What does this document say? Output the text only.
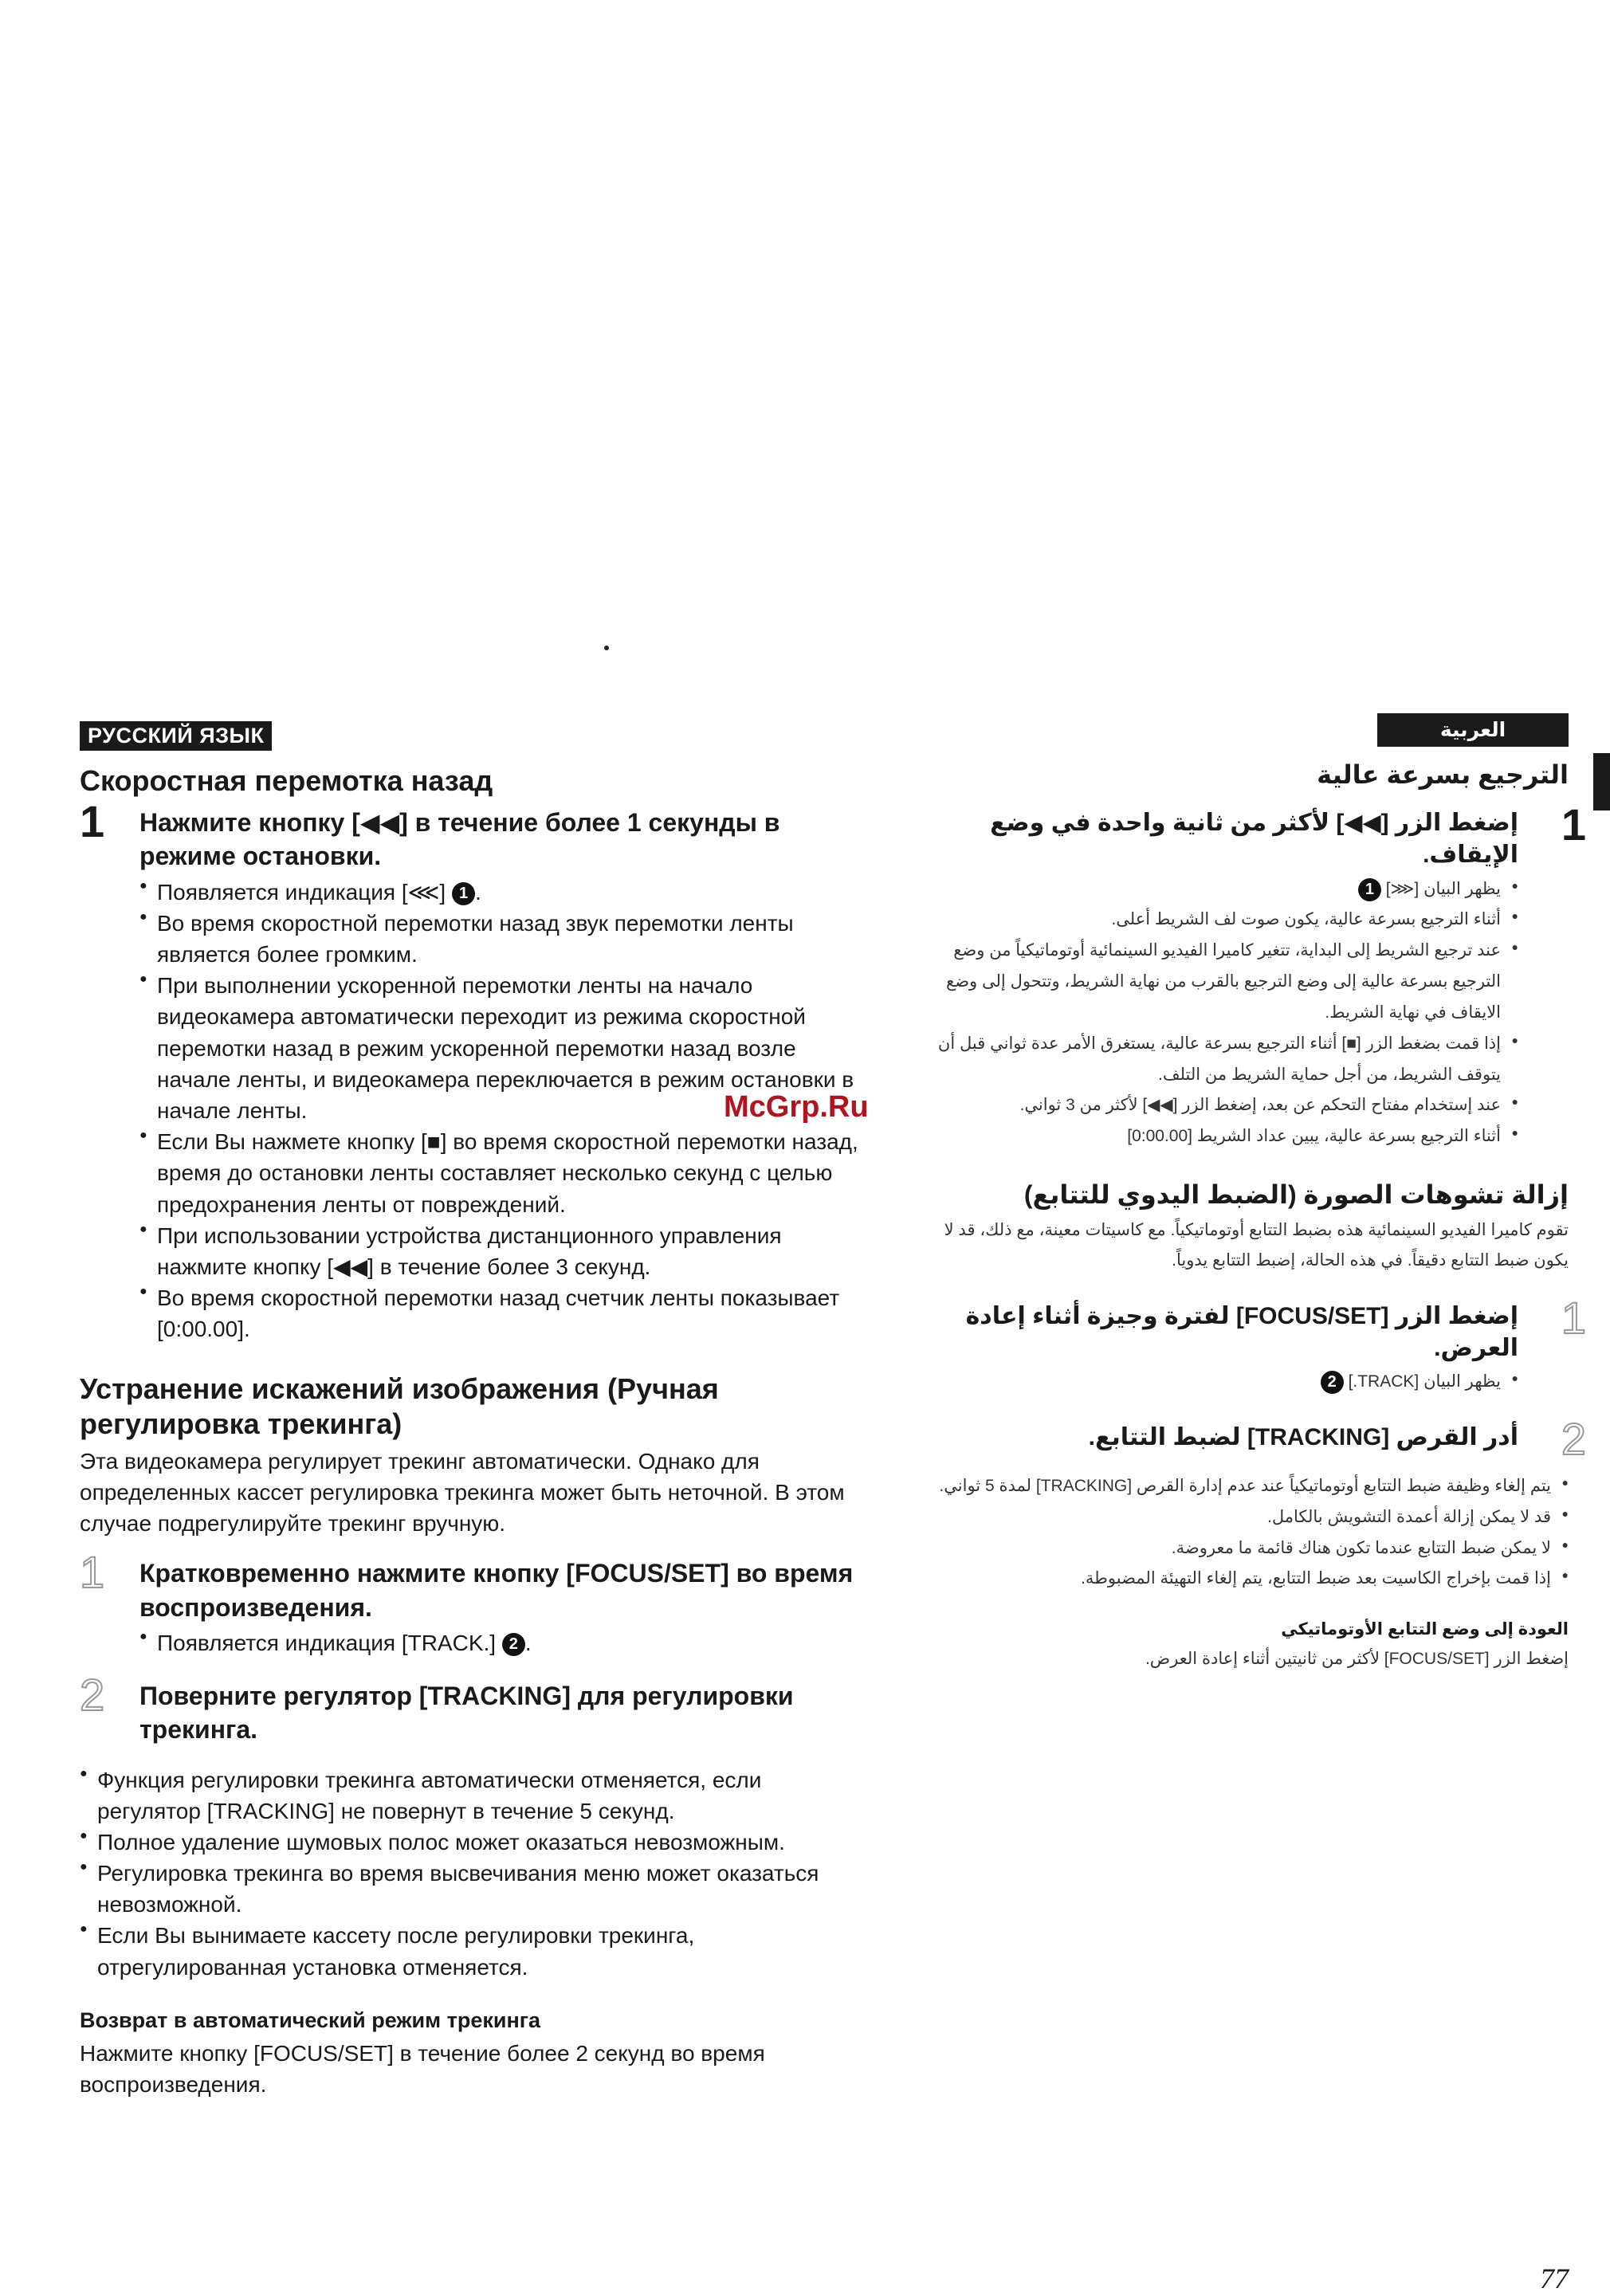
РУССКИЙ ЯЗЫК
Скоростная перемотка назад
1 Нажмите кнопку [◀◀] в течение более 1 секунды в режиме остановки.
● Появляется индикация [⋘] 1 .
● Во время скоростной перемотки назад звук перемотки ленты является более громким.
● При выполнении ускоренной перемотки ленты на начало видеокамера автоматически переходит из режима скоростной перемотки назад в режим ускоренной перемотки назад возле начале ленты, и видеокамера переключается в режим остановки в начале ленты.
● Если Вы нажмете кнопку [■] во время скоростной перемотки назад, время до остановки ленты составляет несколько секунд с целью предохранения ленты от повреждений.
● При использовании устройства дистанционного управления нажмите кнопку [◀◀] в течение более 3 секунд.
● Во время скоростной перемотки назад счетчик ленты показывает [0:00.00].
Устранение искажений изображения (Ручная регулировка трекинга)
Эта видеокамера регулирует трекинг автоматически. Однако для определенных кассет регулировка трекинга может быть неточной. В этом случае подрегулируйте трекинг вручную.
1 Кратковременно нажмите кнопку [FOCUS/SET] во время воспроизведения.
● Появляется индикация [TRACK.] 2 .
2 Поверните регулятор [TRACKING] для регулировки трекинга.
● Функция регулировки трекинга автоматически отменяется, если регулятор [TRACKING] не повернут в течение 5 секунд.
● Полное удаление шумовых полос может оказаться невозможным.
● Регулировка трекинга во время высвечивания меню может оказаться невозможной.
● Если Вы вынимаете кассету после регулировки трекинга, отрегулированная установка отменяется.
Возврат в автоматический режим трекинга
Нажмите кнопку [FOCUS/SET] в течение более 2 секунд во время воспроизведения.
العربية
الترجيع بسرعة عالية
1
إضغط الزر [◀◀] لأكثر من ثانية واحدة في وضع الإيقاف.
● يظهر البيان [⋘] 1
● أثناء الترجيع بسرعة عالية، يكون صوت لف الشريط أعلى.
● عند ترجيع الشريط إلى البداية، تتغير كاميرا الفيديو السينمائية أوتوماتيكياً من وضع الترجيع بسرعة عالية إلى وضع الترجيع بالقرب من نهاية الشريط، وتتحول إلى وضع الايقاف في نهاية الشريط.
● إذا قمت بضغط الزر [■] أثناء الترجيع بسرعة عالية، يستغرق الأمر عدة ثواني قبل أن يتوقف الشريط، من أجل حماية الشريط من التلف.
● عند إستخدام مفتاح التحكم عن بعد، إضغط الزر [◀◀] لأكثر من 3 ثواني.
● أثناء الترجيع بسرعة عالية، يبين عداد الشريط [0:00.00]
إزالة تشوهات الصورة (الضبط اليدوي للتتابع)
تقوم كاميرا الفيديو السينمائية هذه بضبط التتابع أوتوماتيكياً. مع كاسيتات معينة، مع ذلك، قد لا يكون ضبط التتابع دقيقاً. في هذه الحالة، إضبط التتابع يدوياً.
1
إضغط الزر [FOCUS/SET] لفترة وجيزة أثناء إعادة العرض.
● يظهر البيان [TRACK.] 2
2
أدر القرص [TRACKING] لضبط التتابع.
● يتم إلغاء وظيفة ضبط التتابع أوتوماتيكياً عند عدم إدارة القرص [TRACKING] لمدة 5 ثواني.
● قد لا يمكن إزالة أعمدة التشويش بالكامل.
● لا يمكن ضبط التتابع عندما تكون هناك قائمة ما معروضة.
● إذا قمت بإخراج الكاسيت بعد ضبط التتابع، يتم إلغاء التهيئة المضبوطة.
العودة إلى وضع التتابع الأوتوماتيكي
إضغط الزر [FOCUS/SET] لأكثر من ثانيتين أثناء إعادة العرض.
McGrp.Ru
77
